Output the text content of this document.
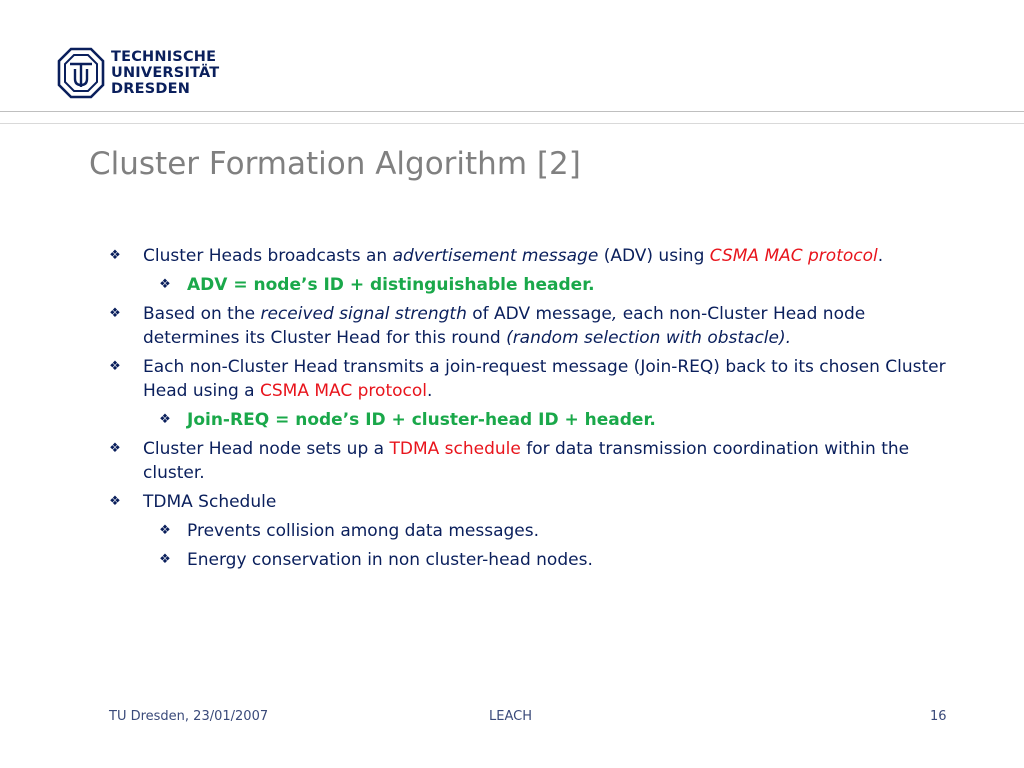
TECHNISCHE
UNIVERSITÄT
DRESDEN
Cluster Formation Algorithm [2]
❖ Cluster Heads broadcasts an advertisement message (ADV) using CSMA MAC protocol.
❖ ADV = node’s ID + distinguishable header.
❖ Based on the received signal strength of ADV message, each non-Cluster Head node determines its Cluster Head for this round (random selection with obstacle).
❖ Each non-Cluster Head transmits a join-request message (Join-REQ) back to its chosen Cluster Head using a CSMA MAC protocol.
❖ Join-REQ = node’s ID + cluster-head ID + header.
❖ Cluster Head node sets up a TDMA schedule for data transmission coordination within the cluster.
❖ TDMA Schedule
❖ Prevents collision among data messages.
❖ Energy conservation in non cluster-head nodes.
TU Dresden, 23/01/2007	LEACH	16
